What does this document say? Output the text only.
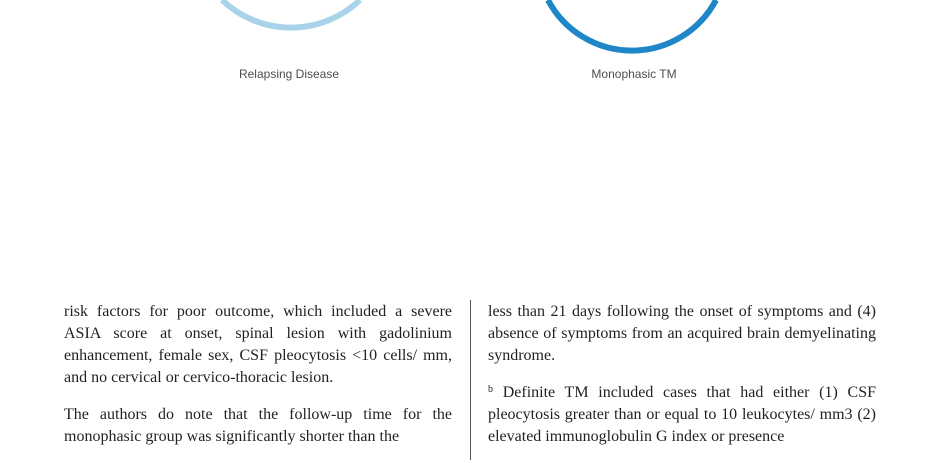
Relapsing Disease	Monophasic TM

risk factors for poor outcome, which included a severe ASIA score at onset, spinal lesion with gadolinium enhancement, female sex, CSF pleocytosis <10 cells/ mm, and no cervical or cervico-thoracic lesion.

The authors do note that the follow-up time for the monophasic group was significantly shorter than the

less than 21 days following the onset of symptoms and (4) absence of symptoms from an acquired brain demyelinating syndrome.

$^b$ Definite TM included cases that had either (1) CSF pleocytosis greater than or equal to 10 leukocytes/ mm3 (2) elevated immunoglobulin G index or presence
